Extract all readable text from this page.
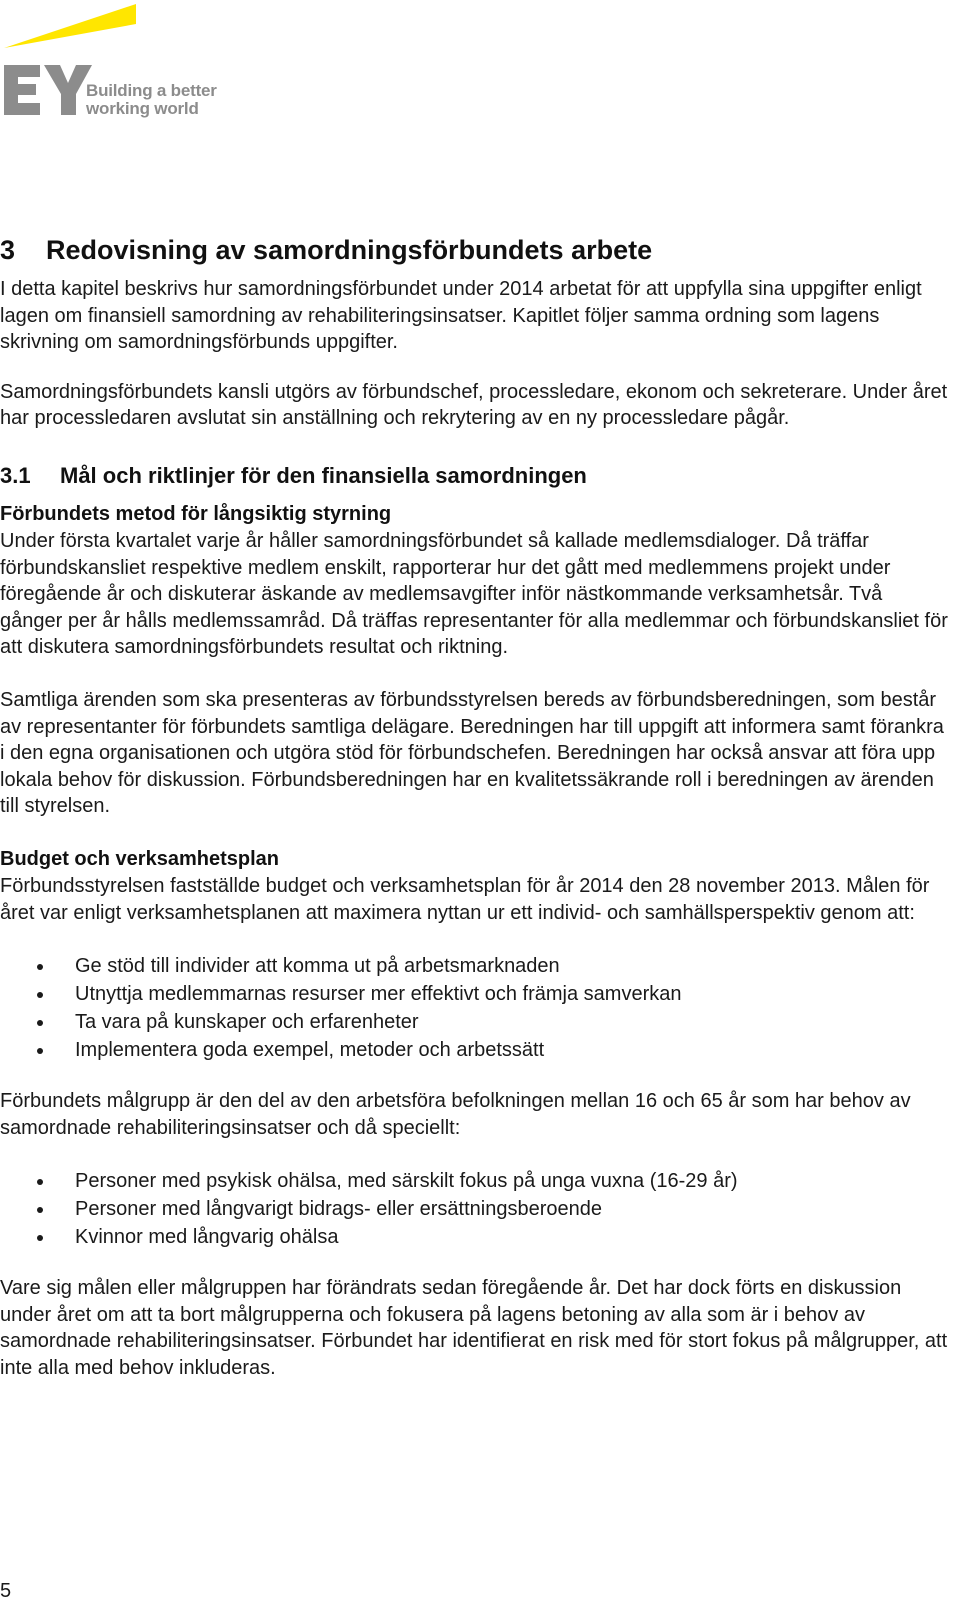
Building a better
working world
3	Redovisning av samordningsförbundets arbete

I detta kapitel beskrivs hur samordningsförbundet under 2014 arbetat för att uppfylla sina uppgifter enligt lagen om finansiell samordning av rehabiliteringsinsatser. Kapitlet följer samma ordning som lagens skrivning om samordningsförbunds uppgifter.

Samordningsförbundets kansli utgörs av förbundschef, processledare, ekonom och sekreterare. Under året har processledaren avslutat sin anställning och rekrytering av en ny processledare pågår.

3.1	Mål och riktlinjer för den finansiella samordningen
Förbundets metod för långsiktig styrning

Under första kvartalet varje år håller samordningsförbundet så kallade medlemsdialoger. Då träffar förbundskansliet respektive medlem enskilt, rapporterar hur det gått med medlemmens projekt under föregående år och diskuterar äskande av medlemsavgifter inför nästkommande verksamhetsår. Två gånger per år hålls medlemssamråd. Då träffas representanter för alla medlemmar och förbundskansliet för att diskutera samordningsförbundets resultat och riktning.

Samtliga ärenden som ska presenteras av förbundsstyrelsen bereds av förbundsberedningen, som består av representanter för förbundets samtliga delägare. Beredningen har till uppgift att informera samt förankra i den egna organisationen och utgöra stöd för förbundschefen. Beredningen har också ansvar att föra upp lokala behov för diskussion. Förbundsberedningen har en kvalitetssäkrande roll i beredningen av ärenden till styrelsen.

Budget och verksamhetsplan

Förbundsstyrelsen fastställde budget och verksamhetsplan för år 2014 den 28 november 2013. Målen för året var enligt verksamhetsplanen att maximera nyttan ur ett individ- och samhällsperspektiv genom att:

Ge stöd till individer att komma ut på arbetsmarknaden
Utnyttja medlemmarnas resurser mer effektivt och främja samverkan
Ta vara på kunskaper och erfarenheter
Implementera goda exempel, metoder och arbetssätt

Förbundets målgrupp är den del av den arbetsföra befolkningen mellan 16 och 65 år som har behov av samordnade rehabiliteringsinsatser och då speciellt:

Personer med psykisk ohälsa, med särskilt fokus på unga vuxna (16-29 år)
Personer med långvarigt bidrags- eller ersättningsberoende
Kvinnor med långvarig ohälsa

Vare sig målen eller målgruppen har förändrats sedan föregående år. Det har dock förts en diskussion under året om att ta bort målgrupperna och fokusera på lagens betoning av alla som är i behov av samordnade rehabiliteringsinsatser. Förbundet har identifierat en risk med för stort fokus på målgrupper, att inte alla med behov inkluderas.

5
